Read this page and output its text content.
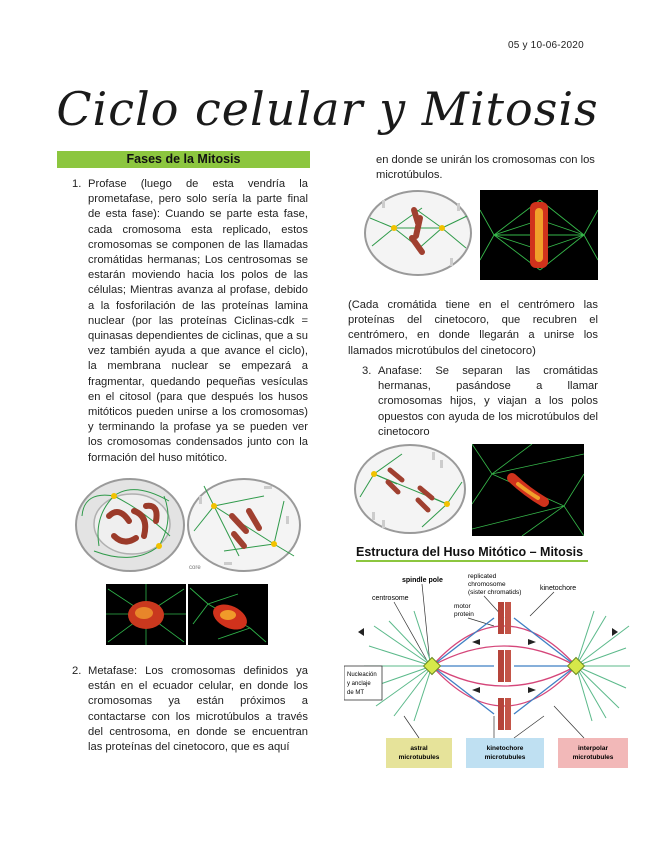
05 y 10-06-2020
Ciclo celular y Mitosis
Fases de la Mitosis
1. Profase (luego de esta vendría la prometafase, pero solo sería la parte final de esta fase): Cuando se parte esta fase, cada cromosoma esta replicado, estos cromosomas se componen de las llamadas cromátidas hermanas; Los centrosomas se estarán moviendo hacia los polos de las células; Mientras avanza al profase, debido a la fosforilación de las proteínas lamina nuclear (por las proteínas Ciclinas-cdk = quinasas dependientes de ciclinas, que a su vez también ayuda a que avance el ciclo), la membrana nuclear se empezará a fragmentar, quedando pequeñas vesículas en el citosol (para que después los husos mitóticos pueden unirse a los cromosomas) y terminando la profase ya se pueden ver los cromosomas condensados junto con la formación del huso mitótico.
core
2. Metafase: Los cromosomas definidos ya están en el ecuador celular, en donde los cromosomas ya están próximos a contactarse con los microtúbulos a través del centrosoma, en donde se encuentran las proteínas del cinetocoro, que es aquí
en donde se unirán los cromosomas con los microtúbulos.
(Cada cromátida tiene en el centrómero las proteínas del cinetocoro, que recubren el centrómero, en donde llegarán a unirse los llamados microtúbulos del cinetocoro)
3. Anafase: Se separan las cromátidas hermanas, pasándose a llamar cromosomas hijos, y viajan a los polos opuestos con ayuda de los microtúbulos del cinetocoro
Estructura del Huso Mitótico – Mitosis
spindle pole
replicated
chromosome
(sister chromatids)
kinetochore
centrosome
motor
protein
Nucleación
y anclaje
de MT
astral
microtubules
kinetochore
microtubules
interpolar
microtubules
